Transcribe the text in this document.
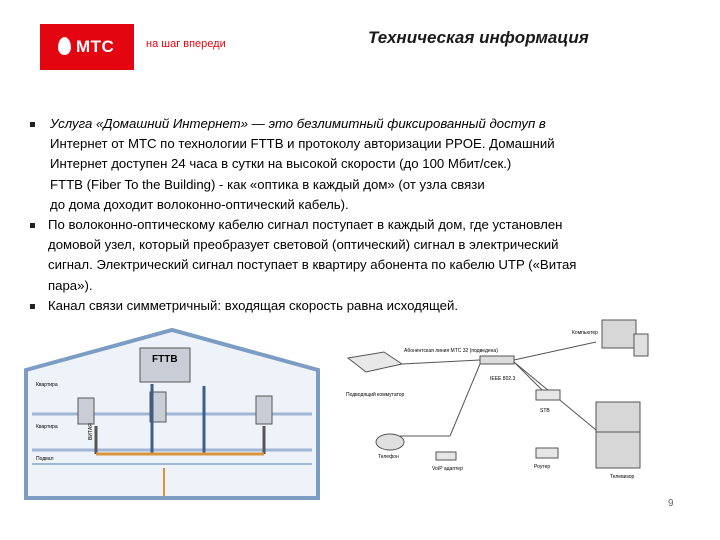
МТС	на шаг впереди	Техническая информация
Услуга «Домашний Интернет» — это безлимитный фиксированный доступ в
Интернет от МТС по технологии FTTB и протоколу авторизации PPOE. Домашний
Интернет доступен 24 часа в сутки на высокой скорости (до 100 Мбит/сек.)
FTTB (Fiber To the Building) - как «оптика в каждый дом» (от узла связи
до дома доходит волоконно-оптический кабель).
По волоконно-оптическому кабелю сигнал поступает в каждый дом, где установлен
домовой узел, который преобразует световой (оптический) сигнал в электрический
сигнал. Электрический сигнал поступает в квартиру абонента по кабелю UTP («Витая
пара»).
Канал связи симметричный: входящая скорость равна исходящей.
FTTB
Квартира
Квартира
Подвал
ВИТАЯ
Абонентская линия МТС 32 (подведена)
IEEE 802.3
Подводящий коммутатор
STB
Телевизор
Телефон
VoIP адаптер	Роутер
Компьютер
9
